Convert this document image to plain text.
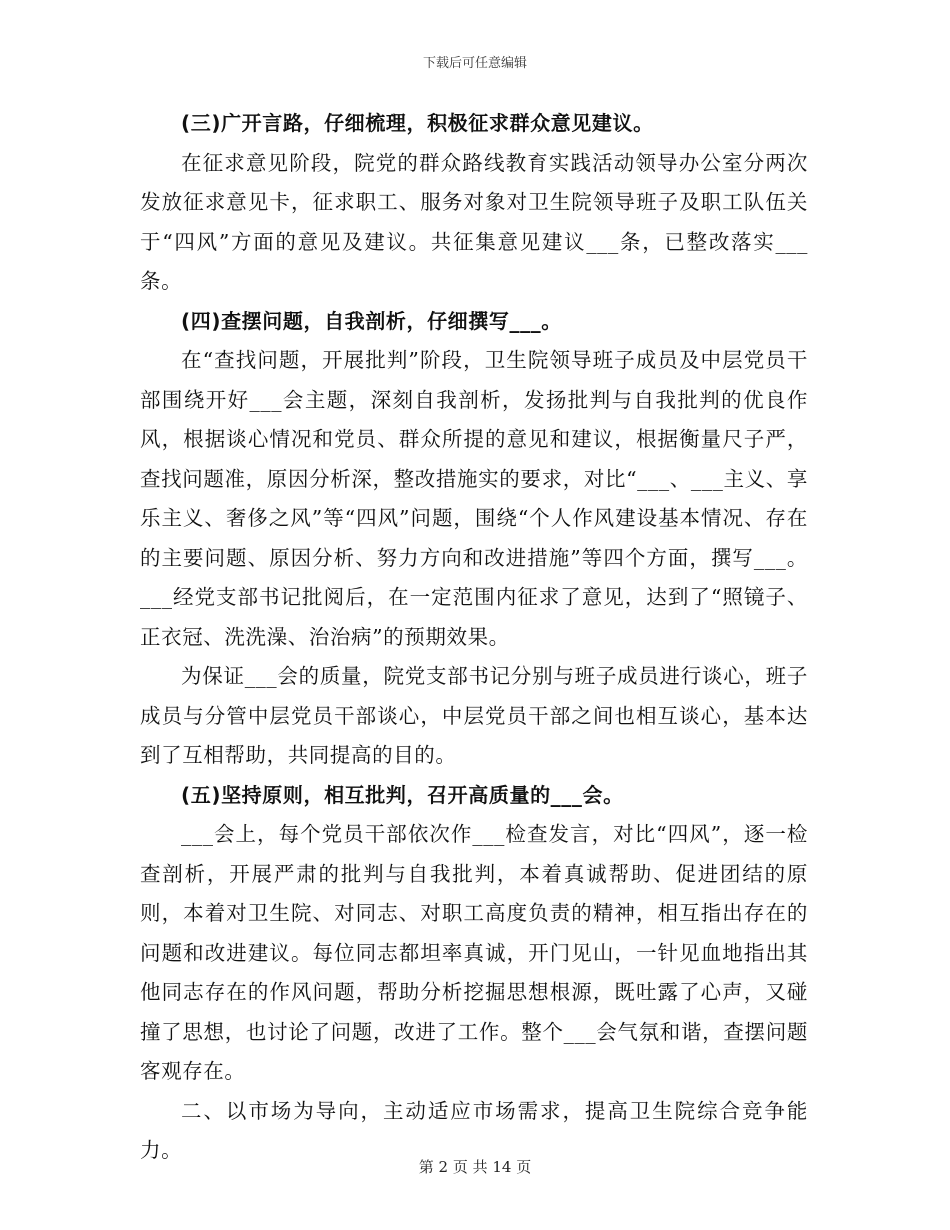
下载后可任意编辑

(三)广开言路，仔细梳理，积极征求群众意见建议。

在征求意见阶段，院党的群众路线教育实践活动领导办公室分两次发放征求意见卡，征求职工、服务对象对卫生院领导班子及职工队伍关于“四风”方面的意见及建议。共征集意见建议___条，已整改落实___条。

(四)查摆问题，自我剖析，仔细撰写___。

在“查找问题，开展批判”阶段，卫生院领导班子成员及中层党员干部围绕开好___会主题，深刻自我剖析，发扬批判与自我批判的优良作风，根据谈心情况和党员、群众所提的意见和建议，根据衡量尺子严，查找问题准，原因分析深，整改措施实的要求，对比“___、___主义、享乐主义、奢侈之风”等“四风”问题，围绕“个人作风建设基本情况、存在的主要问题、原因分析、努力方向和改进措施”等四个方面，撰写___。___经党支部书记批阅后，在一定范围内征求了意见，达到了“照镜子、正衣冠、洗洗澡、治治病”的预期效果。

为保证___会的质量，院党支部书记分别与班子成员进行谈心，班子成员与分管中层党员干部谈心，中层党员干部之间也相互谈心，基本达到了互相帮助，共同提高的目的。

(五)坚持原则，相互批判，召开高质量的___会。

___会上，每个党员干部依次作___检查发言，对比“四风”，逐一检查剖析，开展严肃的批判与自我批判，本着真诚帮助、促进团结的原则，本着对卫生院、对同志、对职工高度负责的精神，相互指出存在的问题和改进建议。每位同志都坦率真诚，开门见山，一针见血地指出其他同志存在的作风问题，帮助分析挖掘思想根源，既吐露了心声，又碰撞了思想，也讨论了问题，改进了工作。整个___会气氛和谐，查摆问题客观存在。

二、以市场为导向，主动适应市场需求，提高卫生院综合竞争能力。

第 2 页 共 14 页
